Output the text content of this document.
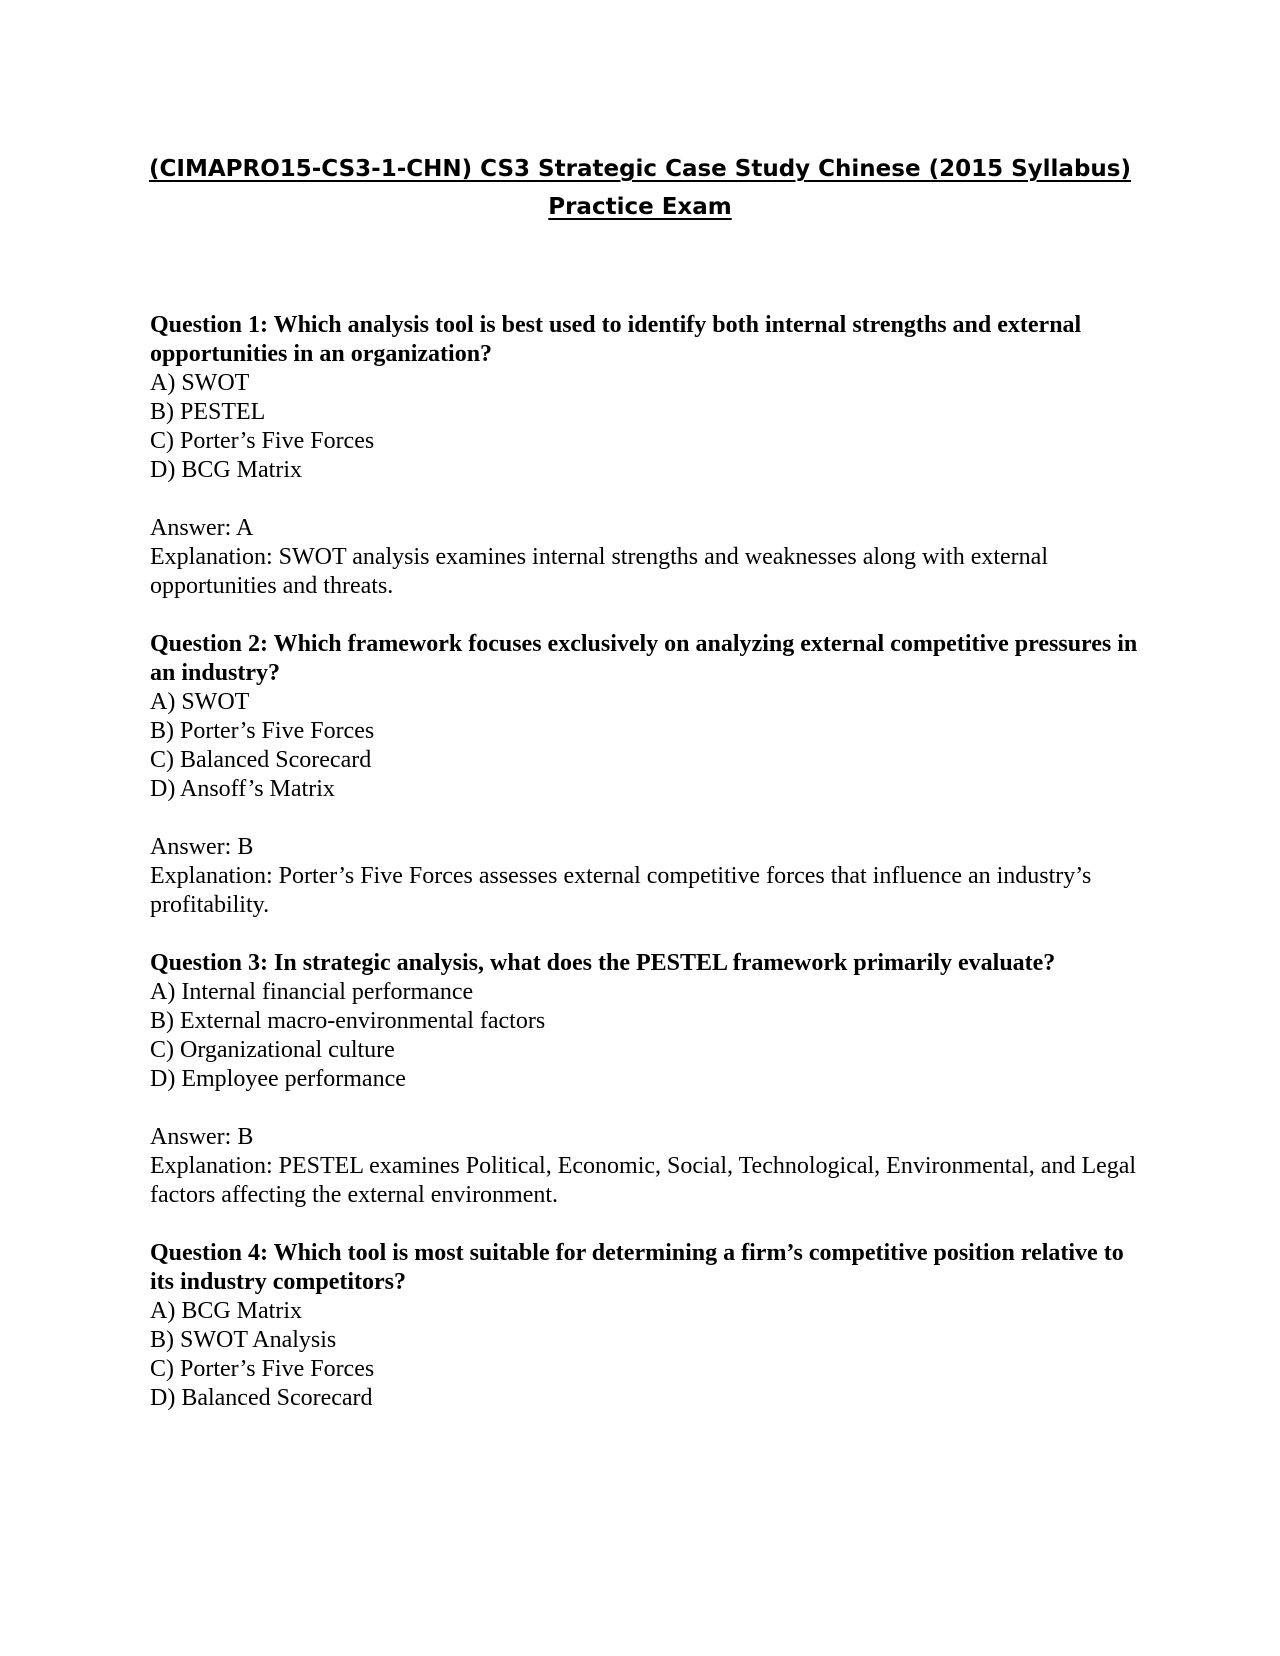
(CIMAPRO15-CS3-1-CHN) CS3 Strategic Case Study Chinese (2015 Syllabus)
Practice Exam

Question 1: Which analysis tool is best used to identify both internal strengths and external opportunities in an organization?

A) SWOT

B) PESTEL

C) Porter’s Five Forces

D) BCG Matrix

Answer: A

Explanation: SWOT analysis examines internal strengths and weaknesses along with external opportunities and threats.

Question 2: Which framework focuses exclusively on analyzing external competitive pressures in an industry?

A) SWOT

B) Porter’s Five Forces

C) Balanced Scorecard

D) Ansoff’s Matrix

Answer: B

Explanation: Porter’s Five Forces assesses external competitive forces that influence an industry’s profitability.

Question 3: In strategic analysis, what does the PESTEL framework primarily evaluate?

A) Internal financial performance

B) External macro-environmental factors

C) Organizational culture

D) Employee performance

Answer: B

Explanation: PESTEL examines Political, Economic, Social, Technological, Environmental, and Legal factors affecting the external environment.

Question 4: Which tool is most suitable for determining a firm’s competitive position relative to its industry competitors?

A) BCG Matrix

B) SWOT Analysis

C) Porter’s Five Forces

D) Balanced Scorecard
